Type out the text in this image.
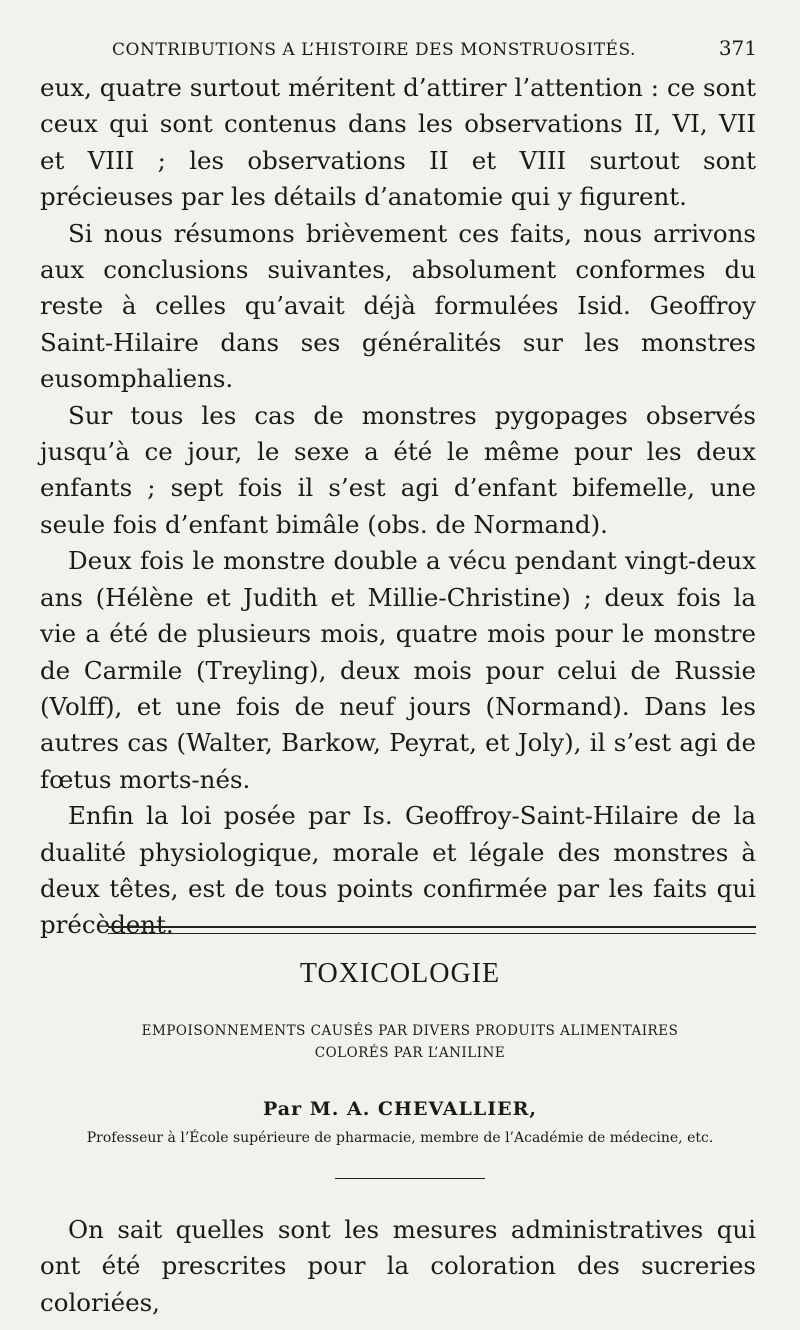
CONTRIBUTIONS A L’HISTOIRE DES MONSTRUOSITÉS.	371

eux, quatre surtout méritent d’attirer l’attention : ce sont ceux qui sont contenus dans les observations II, VI, VII et VIII ; les observations II et VIII surtout sont précieuses par les détails d’anatomie qui y figurent.

Si nous résumons brièvement ces faits, nous arrivons aux conclusions suivantes, absolument conformes du reste à celles qu’avait déjà formulées Isid. Geoffroy Saint-Hilaire dans ses généralités sur les monstres eusomphaliens.

Sur tous les cas de monstres pygopages observés jusqu’à ce jour, le sexe a été le même pour les deux enfants ; sept fois il s’est agi d’enfant bifemelle, une seule fois d’enfant bimâle (obs. de Normand).

Deux fois le monstre double a vécu pendant vingt-deux ans (Hélène et Judith et Millie-Christine) ; deux fois la vie a été de plusieurs mois, quatre mois pour le monstre de Carmile (Treyling), deux mois pour celui de Russie (Volff), et une fois de neuf jours (Normand). Dans les autres cas (Walter, Barkow, Peyrat, et Joly), il s’est agi de fœtus morts-nés.

Enfin la loi posée par Is. Geoffroy-Saint-Hilaire de la dualité physiologique, morale et légale des monstres à deux têtes, est de tous points confirmée par les faits qui précèdent.

TOXICOLOGIE
EMPOISONNEMENTS CAUSÉS PAR DIVERS PRODUITS ALIMENTAIRES
COLORÉS PAR L’ANILINE
Par M. A. CHEVALLIER,
Professeur à l’École supérieure de pharmacie, membre de l’Académie de médecine, etc.

On sait quelles sont les mesures administratives qui ont été prescrites pour la coloration des sucreries coloriées,
